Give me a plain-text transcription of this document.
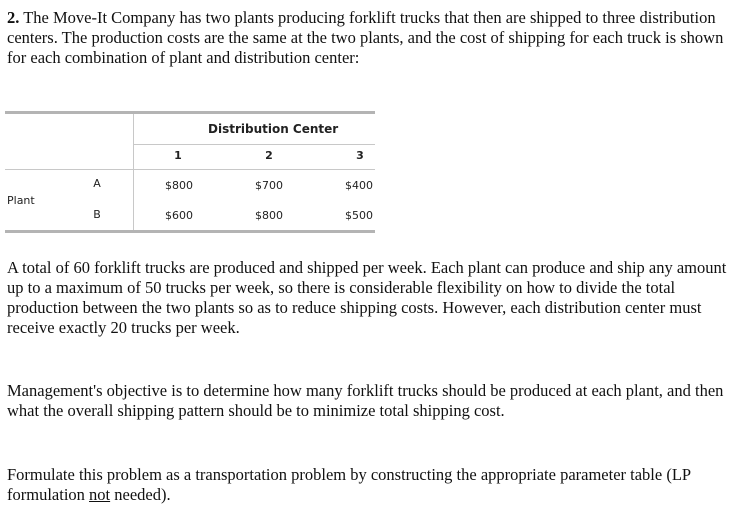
2. The Move-It Company has two plants producing forklift trucks that then are shipped to three distribution centers. The production costs are the same at the two plants, and the cost of shipping for each truck is shown for each combination of plant and distribution center:

Distribution Center
1	2	3
Plant
A	$800	$700	$400
B	$600	$800	$500

A total of 60 forklift trucks are produced and shipped per week. Each plant can produce and ship any amount up to a maximum of 50 trucks per week, so there is considerable flexibility on how to divide the total production between the two plants so as to reduce shipping costs. However, each distribution center must receive exactly 20 trucks per week.

Management's objective is to determine how many forklift trucks should be produced at each plant, and then what the overall shipping pattern should be to minimize total shipping cost.

Formulate this problem as a transportation problem by constructing the appropriate parameter table (LP formulation not needed).
